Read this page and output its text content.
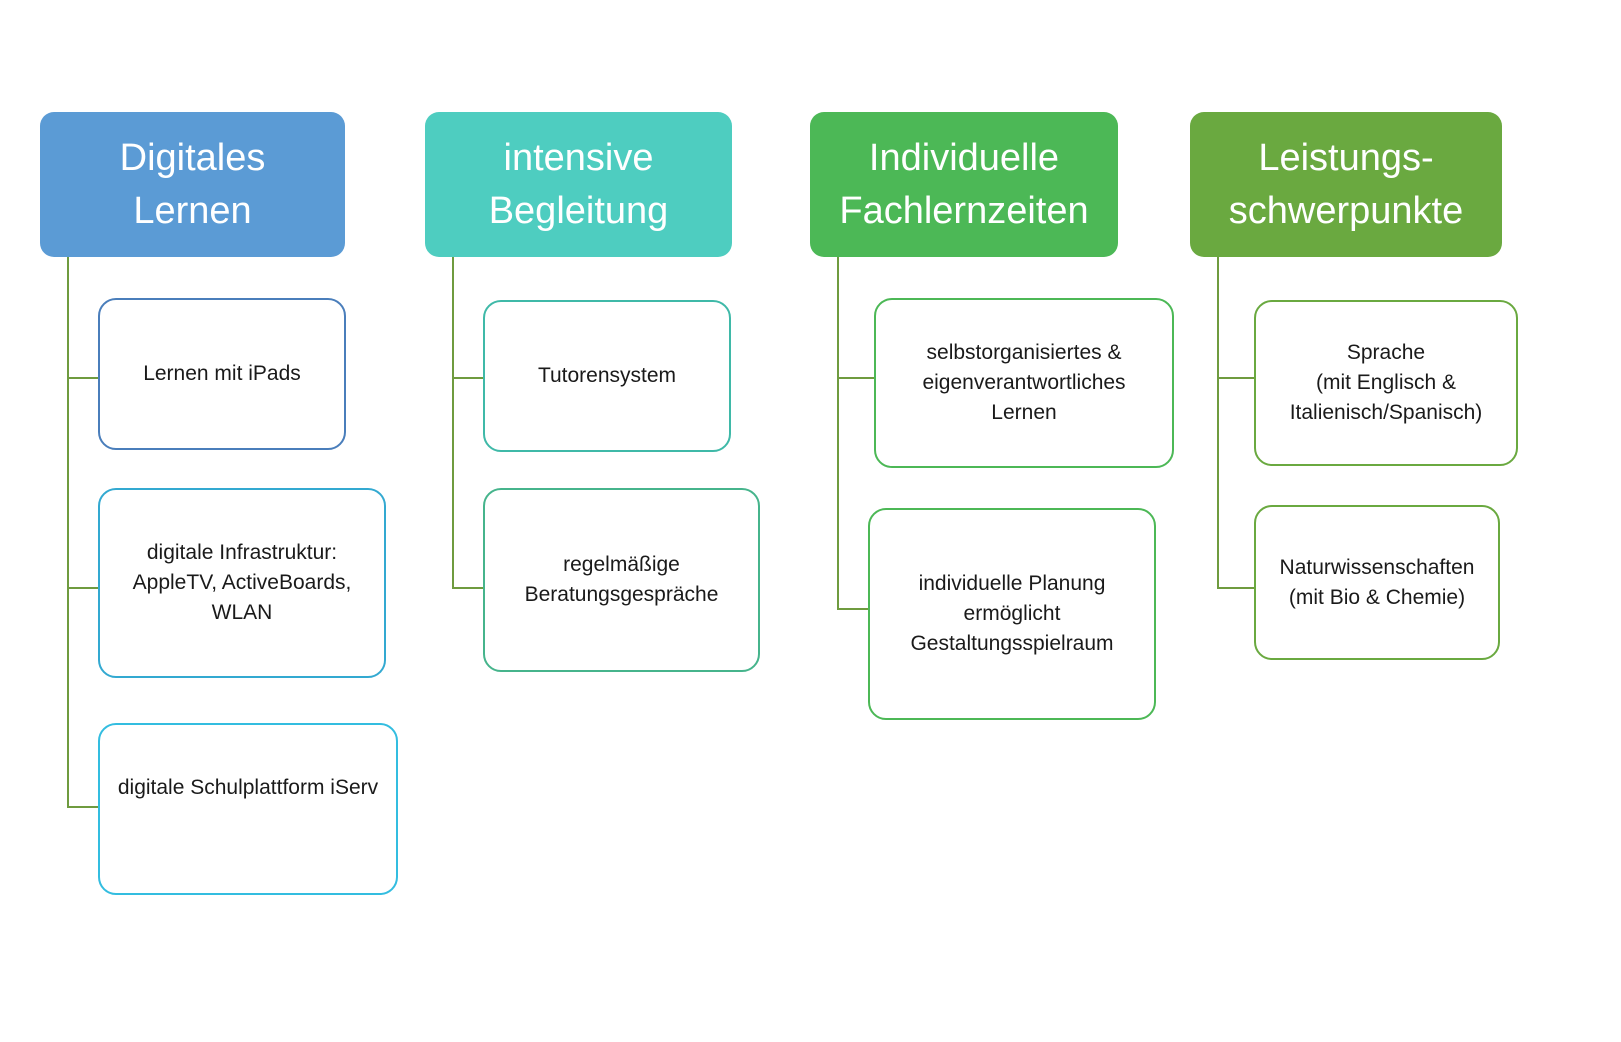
Digitales
Lernen
Lernen mit iPads
digitale Infrastruktur:
AppleTV, ActiveBoards,
WLAN
digitale Schulplattform iServ
intensive
Begleitung
Tutorensystem
regelmäßige
Beratungsgespräche
Individuelle
Fachlernzeiten
selbstorganisiertes &
eigenverantwortliches Lernen
individuelle Planung
ermöglicht
Gestaltungsspielraum
Leistungs-
schwerpunkte
Sprache
(mit Englisch &
Italienisch/Spanisch)
Naturwissenschaften
(mit Bio & Chemie)
